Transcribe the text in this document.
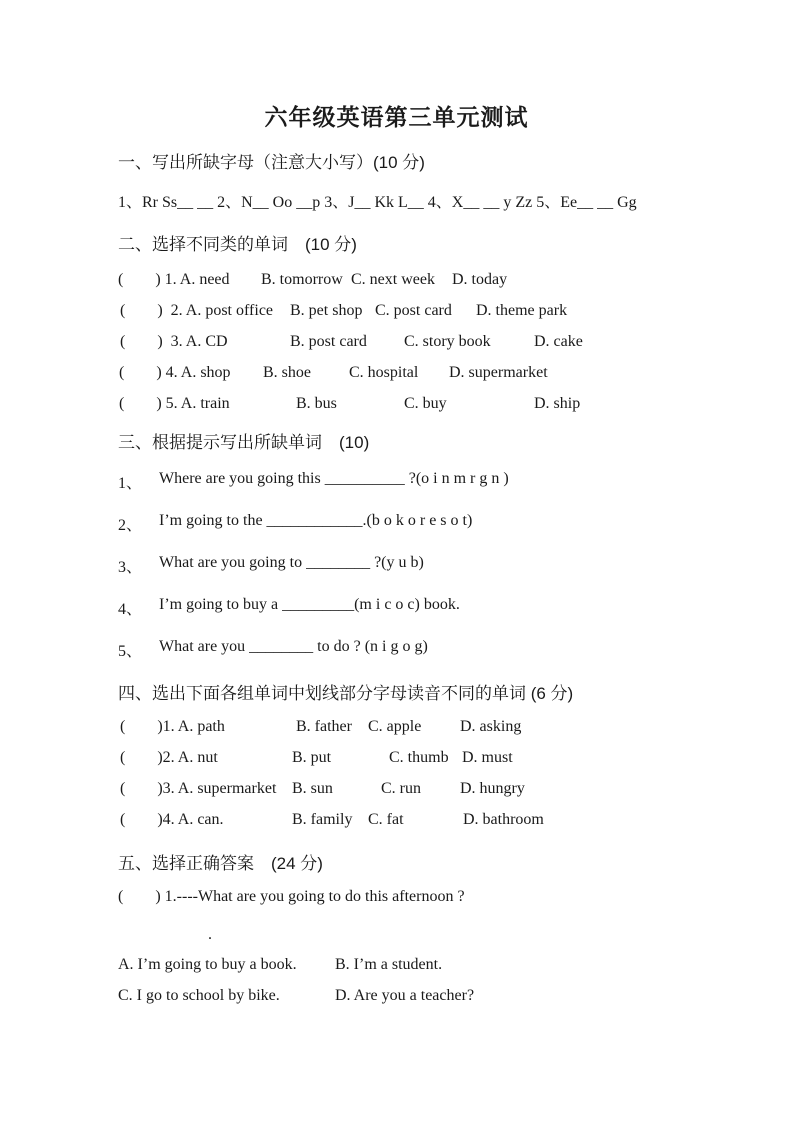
六年级英语第三单元测试
一、写出所缺字母（注意大小写）(10 分)
1、Rr Ss__ __ 2、N__ Oo __p 3、J__ Kk L__ 4、X__ __ y Zz 5、Ee__ __ Gg
二、选择不同类的单词　(10 分)
(        ) 1. A. need B. tomorrow C. next week D. today
(        )  2. A. post office B. pet shop C. post card D. theme park
(        )  3. A. CD	B. post card C. story book	D. cake
(        ) 4. A. shop B. shoe C. hospital D. supermarket
(        ) 5. A. train	B. bus	C. buy	D. ship
三、根据提示写出所缺单词　(10)
1、 Where are you going this __________ ?(o i n m r g n )
2、 I’m going to the ____________.(b o k o r e s o t)
3、 What are you going to ________ ?(y u b)
4、 I’m going to buy a _________(m i c o c) book.
5、 What are you ________ to do ? (n i g o g)
四、选出下面各组单词中划线部分字母读音不同的单词 (6 分)
(        )1. A. path	B. father C. apple D. asking
(        )2. A. nut	B. put	C. thumb D. must
(        )3. A. supermarket B. sun	C. run D. hungry
(        )4. A. can.	B. family C. fat	D. bathroom
五、选择正确答案　(24 分)
(        ) 1.----What are you going to do this afternoon ?
.
A. I’m going to buy a book. B. I’m a student.
C. I go to school by bike.	D. Are you a teacher?
